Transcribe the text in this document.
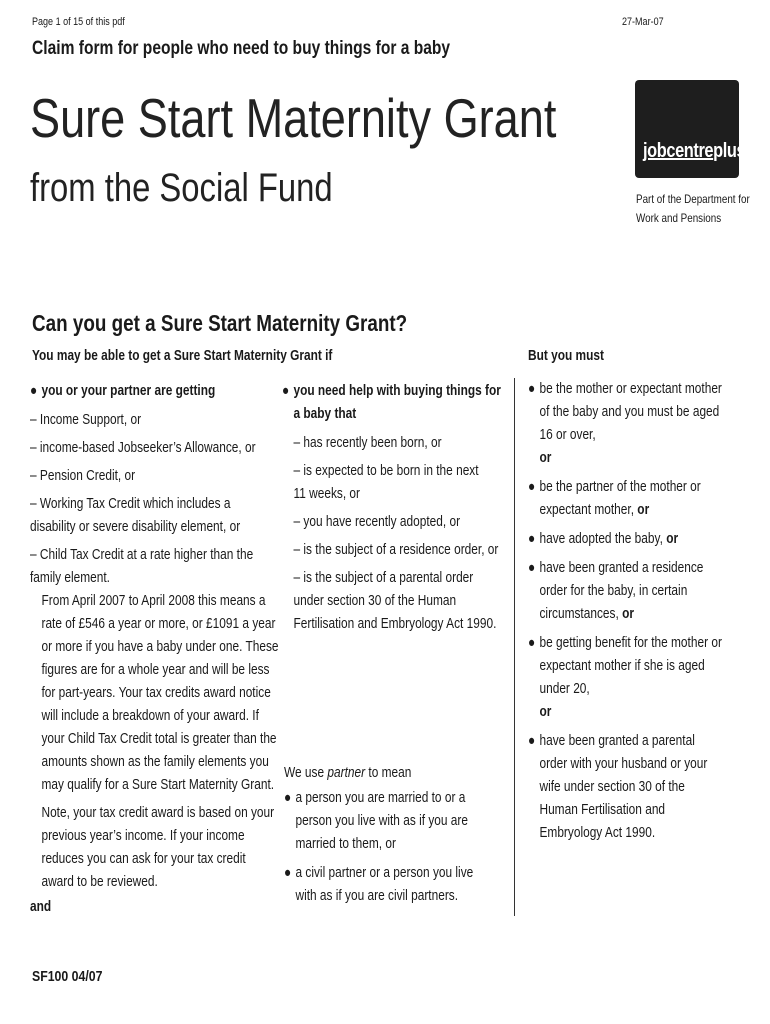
Page 1 of 15 of this pdf	27-Mar-07
Claim form for people who need to buy things for a baby
Sure Start Maternity Grant
from the Social Fund
jobcentreplus
Part of the Department for
Work and Pensions
Can you get a Sure Start Maternity Grant?
You may be able to get a Sure Start Maternity Grant if	But you must
● you or your partner are getting
– Income Support, or
– income-based Jobseeker’s Allowance, or
– Pension Credit, or
– Working Tax Credit which includes a disability or severe disability element, or
– Child Tax Credit at a rate higher than the family element.

From April 2007 to April 2008 this means a rate of £546 a year or more, or £1091 a year or more if you have a baby under one. These figures are for a whole year and will be less for part-years. Your tax credits award notice will include a breakdown of your award. If your Child Tax Credit total is greater than the amounts shown as the family elements you may qualify for a Sure Start Maternity Grant.

Note, your tax credit award is based on your previous year’s income. If your income reduces you can ask for your tax credit award to be reviewed.

and
● you need help with buying things for a baby that
– has recently been born, or
– is expected to be born in the next 11 weeks, or
– you have recently adopted, or
– is the subject of a residence order, or
– is the subject of a parental order under section 30 of the Human Fertilisation and Embryology Act 1990.
We use partner to mean
● a person you are married to or a person you live with as if you are married to them, or
● a civil partner or a person you live with as if you are civil partners.
● be the mother or expectant mother of the baby and you must be aged 16 or over,
or
● be the partner of the mother or expectant mother, or
● have adopted the baby, or
● have been granted a residence order for the baby, in certain circumstances, or
● be getting benefit for the mother or expectant mother if she is aged under 20,
or
● have been granted a parental order with your husband or your wife under section 30 of the Human Fertilisation and Embryology Act 1990.
SF100 04/07
